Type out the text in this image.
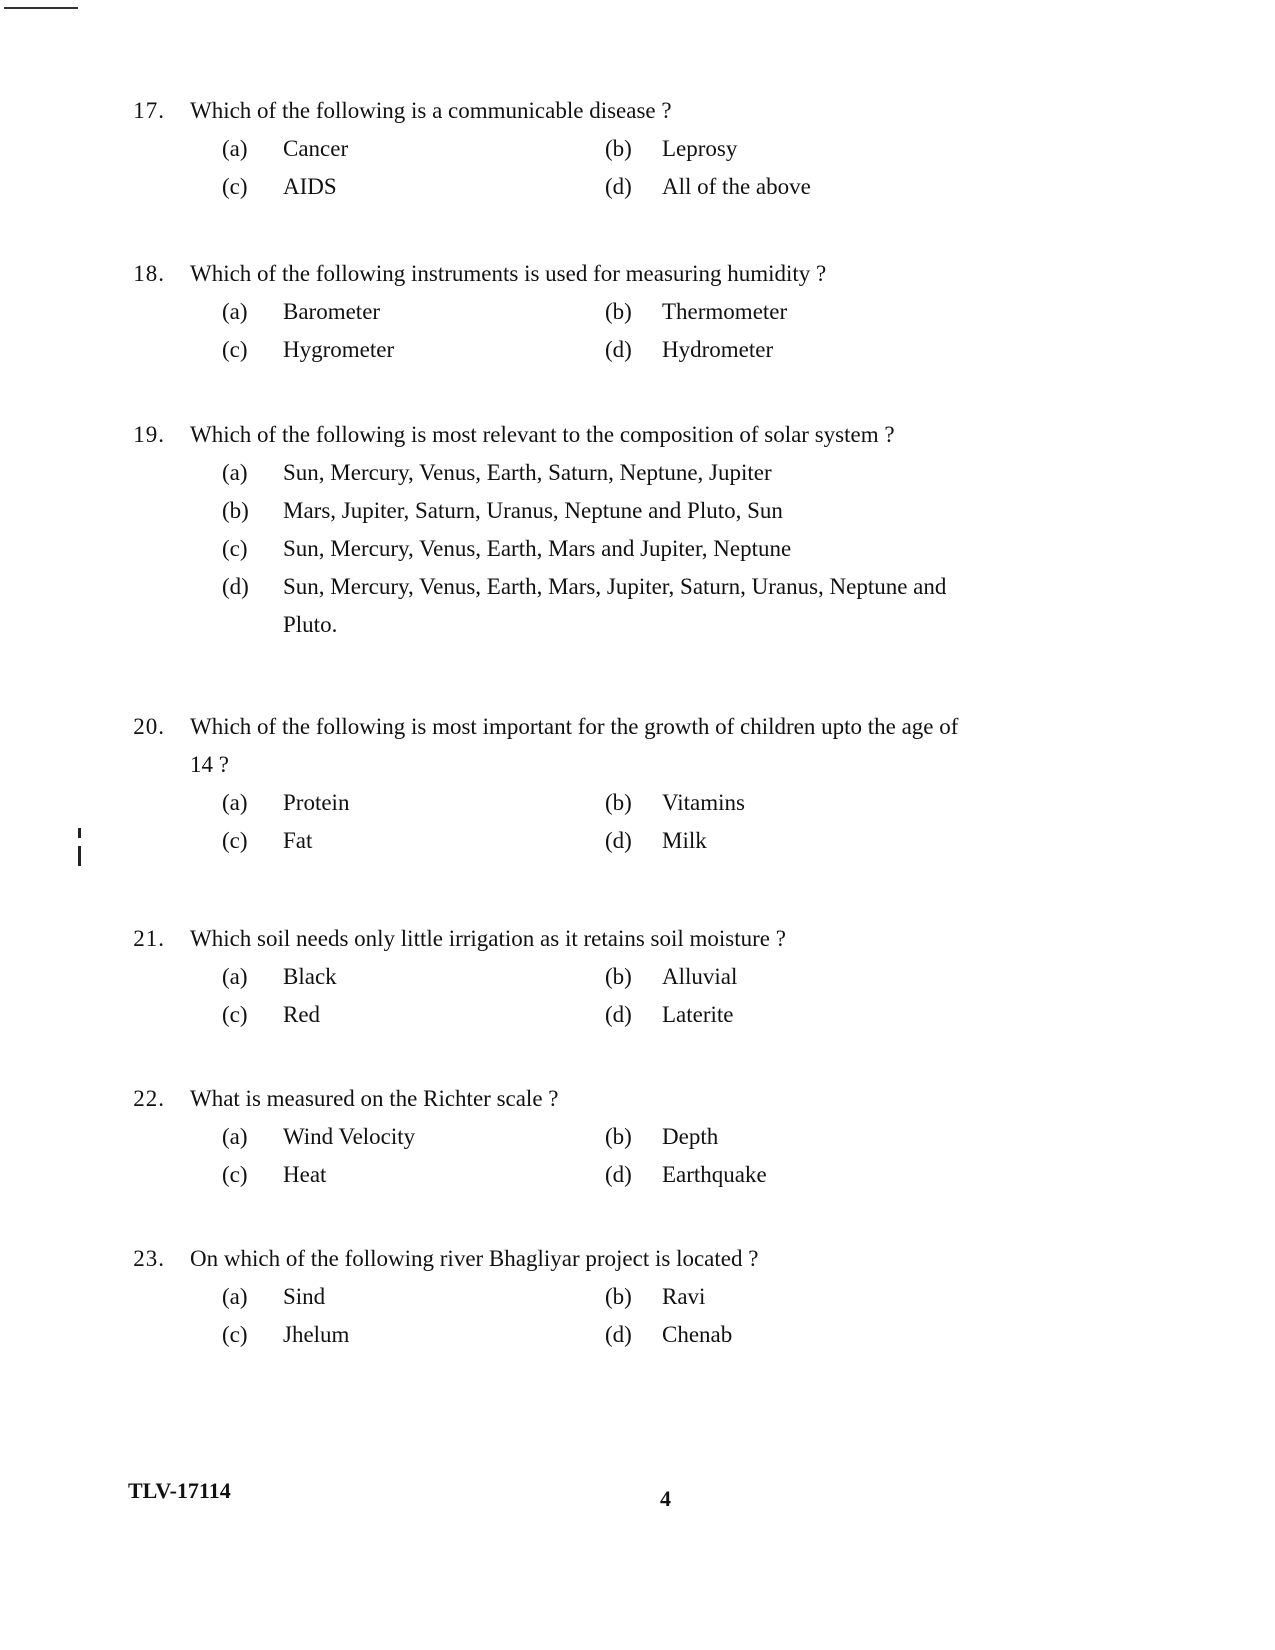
17. Which of the following is a communicable disease ?
(a) Cancer	(b) Leprosy
(c) AIDS	(d) All of the above
18. Which of the following instruments is used for measuring humidity ?
(a) Barometer	(b) Thermometer
(c) Hygrometer	(d) Hydrometer
19. Which of the following is most relevant to the composition of solar system ?
(a) Sun, Mercury, Venus, Earth, Saturn, Neptune, Jupiter
(b) Mars, Jupiter, Saturn, Uranus, Neptune and Pluto, Sun
(c) Sun, Mercury, Venus, Earth, Mars and Jupiter, Neptune
(d) Sun, Mercury, Venus, Earth, Mars, Jupiter, Saturn, Uranus, Neptune and
Pluto.
20. Which of the following is most important for the growth of children upto the age of
14 ?
(a) Protein	(b) Vitamins
(c) Fat	(d) Milk
21. Which soil needs only little irrigation as it retains soil moisture ?
(a) Black	(b) Alluvial
(c) Red	(d) Laterite
22. What is measured on the Richter scale ?
(a) Wind Velocity	(b) Depth
(c) Heat	(d) Earthquake
23. On which of the following river Bhagliyar project is located ?
(a) Sind	(b) Ravi
(c) Jhelum	(d) Chenab
TLV-17114	4
